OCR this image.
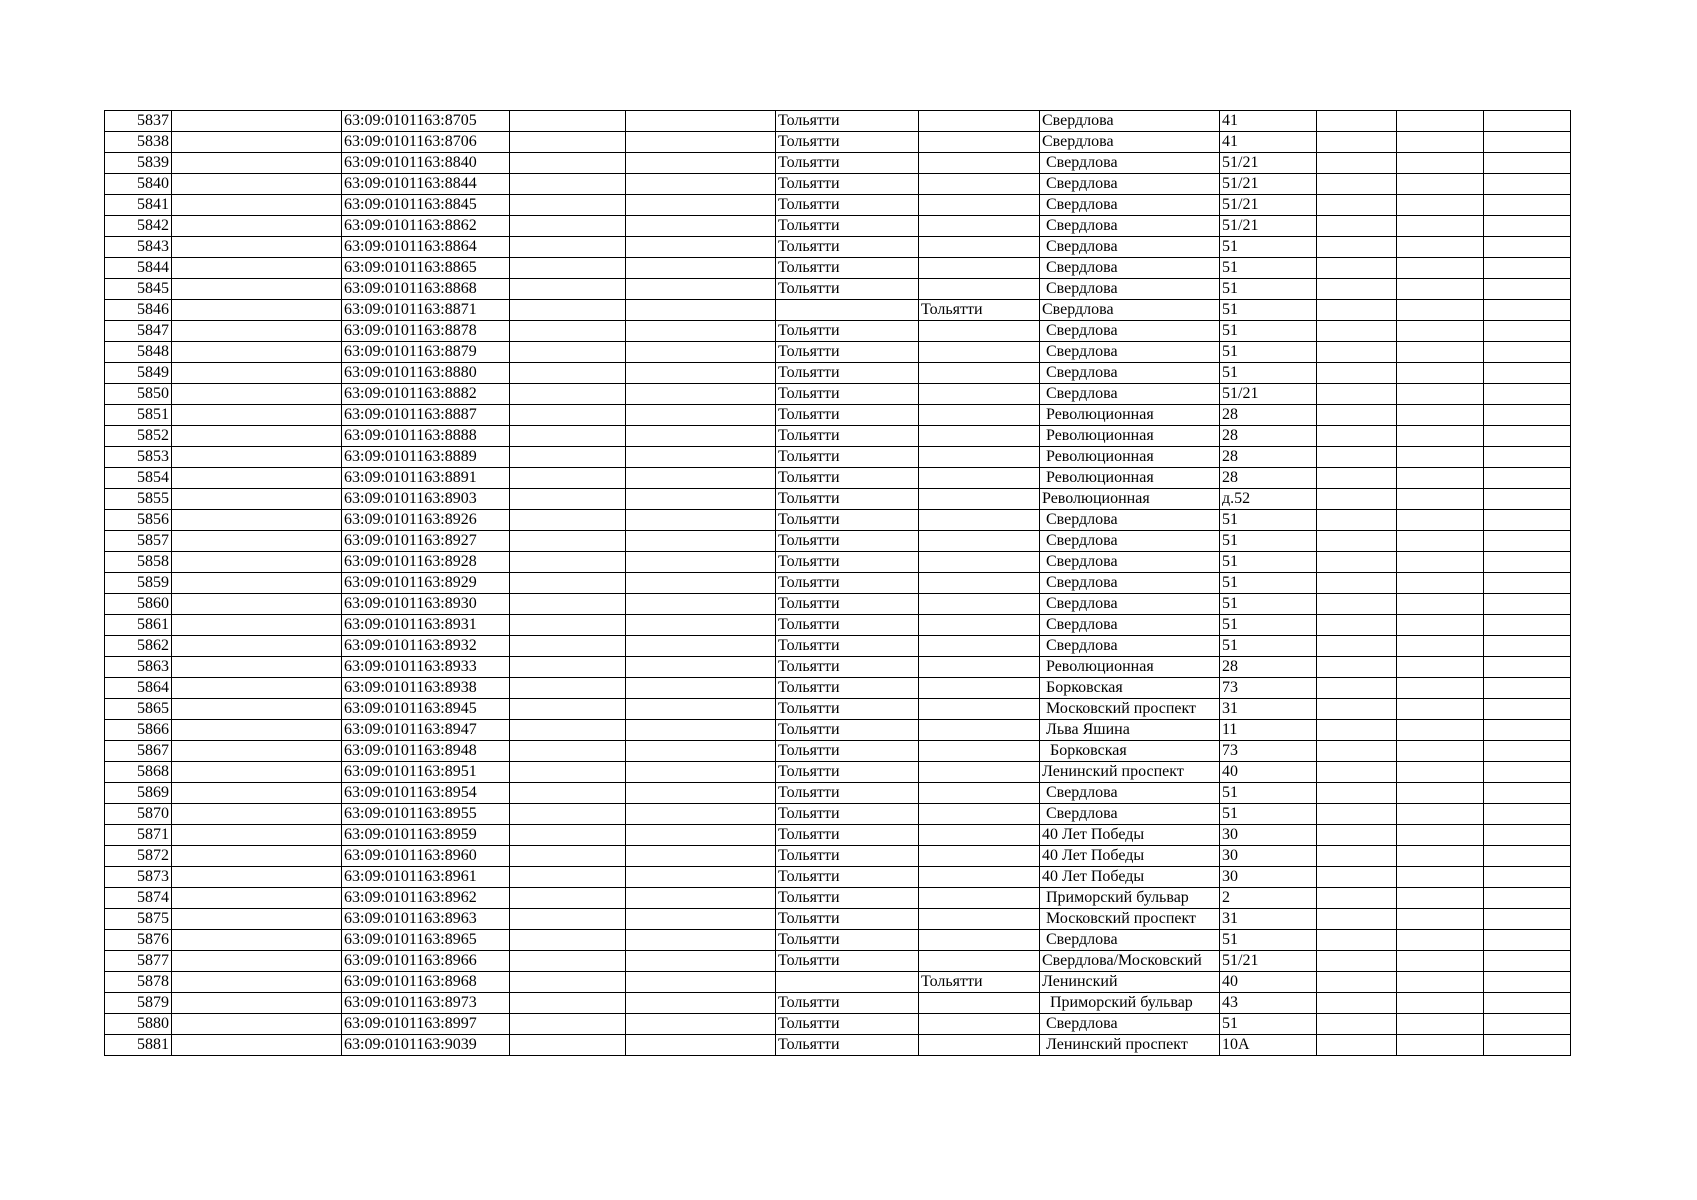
5837		63:09:0101163:8705			Тольятти		Свердлова	41			
5838		63:09:0101163:8706			Тольятти		Свердлова	41			
5839		63:09:0101163:8840			Тольятти		Свердлова	51/21			
5840		63:09:0101163:8844			Тольятти		Свердлова	51/21			
5841		63:09:0101163:8845			Тольятти		Свердлова	51/21			
5842		63:09:0101163:8862			Тольятти		Свердлова	51/21			
5843		63:09:0101163:8864			Тольятти		Свердлова	51			
5844		63:09:0101163:8865			Тольятти		Свердлова	51			
5845		63:09:0101163:8868			Тольятти		Свердлова	51			
5846		63:09:0101163:8871				Тольятти	Свердлова	51			
5847		63:09:0101163:8878			Тольятти		Свердлова	51			
5848		63:09:0101163:8879			Тольятти		Свердлова	51			
5849		63:09:0101163:8880			Тольятти		Свердлова	51			
5850		63:09:0101163:8882			Тольятти		Свердлова	51/21			
5851		63:09:0101163:8887			Тольятти		Революционная	28			
5852		63:09:0101163:8888			Тольятти		Революционная	28			
5853		63:09:0101163:8889			Тольятти		Революционная	28			
5854		63:09:0101163:8891			Тольятти		Революционная	28			
5855		63:09:0101163:8903			Тольятти		Революционная	д.52			
5856		63:09:0101163:8926			Тольятти		Свердлова	51			
5857		63:09:0101163:8927			Тольятти		Свердлова	51			
5858		63:09:0101163:8928			Тольятти		Свердлова	51			
5859		63:09:0101163:8929			Тольятти		Свердлова	51			
5860		63:09:0101163:8930			Тольятти		Свердлова	51			
5861		63:09:0101163:8931			Тольятти		Свердлова	51			
5862		63:09:0101163:8932			Тольятти		Свердлова	51			
5863		63:09:0101163:8933			Тольятти		Революционная	28			
5864		63:09:0101163:8938			Тольятти		Борковская	73			
5865		63:09:0101163:8945			Тольятти		Московский проспект	31			
5866		63:09:0101163:8947			Тольятти		Льва Яшина	11			
5867		63:09:0101163:8948			Тольятти		Борковская	73			
5868		63:09:0101163:8951			Тольятти		Ленинский проспект	40			
5869		63:09:0101163:8954			Тольятти		Свердлова	51			
5870		63:09:0101163:8955			Тольятти		Свердлова	51			
5871		63:09:0101163:8959			Тольятти		40 Лет Победы	30			
5872		63:09:0101163:8960			Тольятти		40 Лет Победы	30			
5873		63:09:0101163:8961			Тольятти		40 Лет Победы	30			
5874		63:09:0101163:8962			Тольятти		Приморский бульвар	2			
5875		63:09:0101163:8963			Тольятти		Московский проспект	31			
5876		63:09:0101163:8965			Тольятти		Свердлова	51			
5877		63:09:0101163:8966			Тольятти		Свердлова/Московский	51/21			
5878		63:09:0101163:8968				Тольятти	Ленинский	40			
5879		63:09:0101163:8973			Тольятти		Приморский бульвар	43			
5880		63:09:0101163:8997			Тольятти		Свердлова	51			
5881		63:09:0101163:9039			Тольятти		Ленинский проспект	10А			
